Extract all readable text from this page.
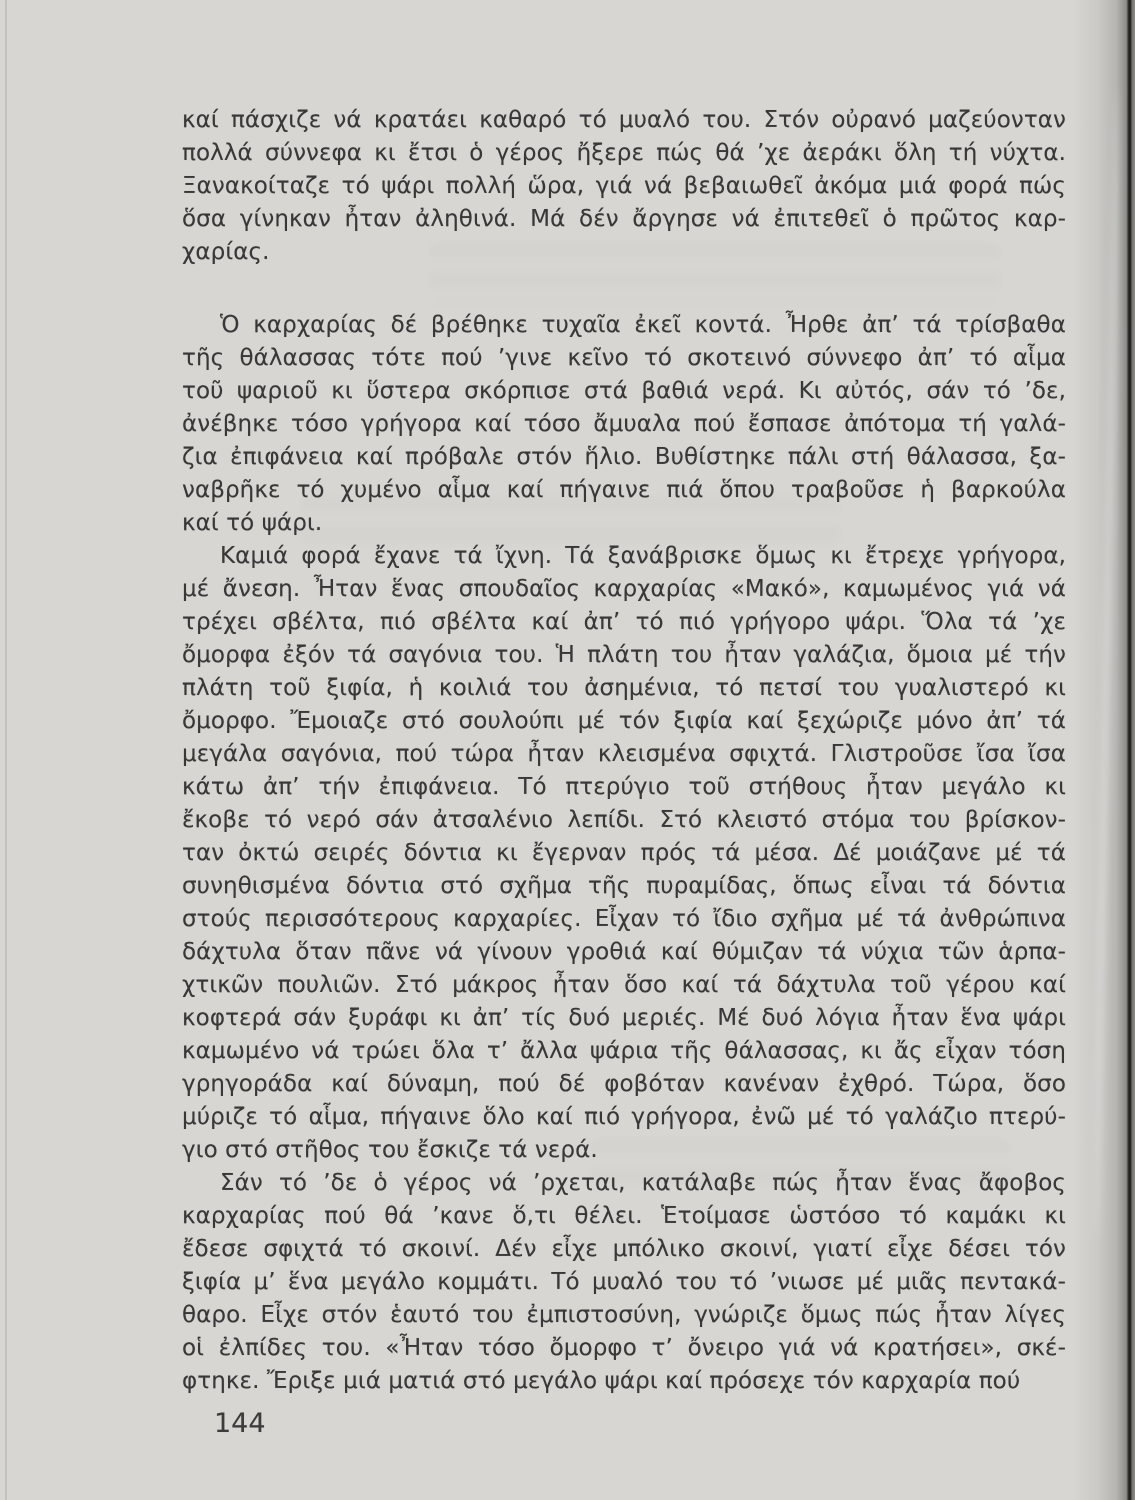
καί πάσχιζε νά κρατάει καθαρό τό μυαλό του. Στόν οὐρανό μαζεύονταν
πολλά σύννεφα κι ἔτσι ὁ γέρος ἤξερε πώς θά ’χε ἀεράκι ὅλη τή νύχτα.
Ξανακοίταζε τό ψάρι πολλή ὥρα, γιά νά βεβαιωθεῖ ἀκόμα μιά φορά πώς
ὅσα γίνηκαν ἦταν ἀληθινά. Μά δέν ἄργησε νά ἐπιτεθεῖ ὁ πρῶτος καρ-
χαρίας.

Ὁ καρχαρίας δέ βρέθηκε τυχαῖα ἐκεῖ κοντά. Ἦρθε ἀπ’ τά τρίσβαθα
τῆς θάλασσας τότε πού ’γινε κεῖνο τό σκοτεινό σύννεφο ἀπ’ τό αἷμα
τοῦ ψαριοῦ κι ὕστερα σκόρπισε στά βαθιά νερά. Κι αὐτός, σάν τό ’δε,
ἀνέβηκε τόσο γρήγορα καί τόσο ἄμυαλα πού ἔσπασε ἀπότομα τή γαλά-
ζια ἐπιφάνεια καί πρόβαλε στόν ἥλιο. Βυθίστηκε πάλι στή θάλασσα, ξα-
ναβρῆκε τό χυμένο αἷμα καί πήγαινε πιά ὅπου τραβοῦσε ἡ βαρκούλα
καί τό ψάρι.

Καμιά φορά ἔχανε τά ἴχνη. Τά ξανάβρισκε ὅμως κι ἔτρεχε γρήγορα,
μέ ἄνεση. Ἦταν ἕνας σπουδαῖος καρχαρίας «Μακό», καμωμένος γιά νά
τρέχει σβέλτα, πιό σβέλτα καί ἀπ’ τό πιό γρήγορο ψάρι. Ὅλα τά ’χε
ὄμορφα ἐξόν τά σαγόνια του. Ἡ πλάτη του ἦταν γαλάζια, ὅμοια μέ τήν
πλάτη τοῦ ξιφία, ἡ κοιλιά του ἀσημένια, τό πετσί του γυαλιστερό κι
ὄμορφο. Ἔμοιαζε στό σουλούπι μέ τόν ξιφία καί ξεχώριζε μόνο ἀπ’ τά
μεγάλα σαγόνια, πού τώρα ἦταν κλεισμένα σφιχτά. Γλιστροῦσε ἴσα ἴσα
κάτω ἀπ’ τήν ἐπιφάνεια. Τό πτερύγιο τοῦ στήθους ἦταν μεγάλο κι
ἔκοβε τό νερό σάν ἀτσαλένιο λεπίδι. Στό κλειστό στόμα του βρίσκον-
ταν ὀκτώ σειρές δόντια κι ἔγερναν πρός τά μέσα. Δέ μοιάζανε μέ τά
συνηθισμένα δόντια στό σχῆμα τῆς πυραμίδας, ὅπως εἶναι τά δόντια
στούς περισσότερους καρχαρίες. Εἶχαν τό ἴδιο σχῆμα μέ τά ἀνθρώπινα
δάχτυλα ὅταν πᾶνε νά γίνουν γροθιά καί θύμιζαν τά νύχια τῶν ἁρπα-
χτικῶν πουλιῶν. Στό μάκρος ἦταν ὅσο καί τά δάχτυλα τοῦ γέρου καί
κοφτερά σάν ξυράφι κι ἀπ’ τίς δυό μεριές. Μέ δυό λόγια ἦταν ἕνα ψάρι
καμωμένο νά τρώει ὅλα τ’ ἄλλα ψάρια τῆς θάλασσας, κι ἄς εἶχαν τόση
γρηγοράδα καί δύναμη, πού δέ φοβόταν κανέναν ἐχθρό. Τώρα, ὅσο
μύριζε τό αἷμα, πήγαινε ὅλο καί πιό γρήγορα, ἐνῶ μέ τό γαλάζιο πτερύ-
γιο στό στῆθος του ἔσκιζε τά νερά.

Σάν τό ’δε ὁ γέρος νά ’ρχεται, κατάλαβε πώς ἦταν ἕνας ἄφοβος
καρχαρίας πού θά ’κανε ὅ,τι θέλει. Ἑτοίμασε ὡστόσο τό καμάκι κι
ἔδεσε σφιχτά τό σκοινί. Δέν εἶχε μπόλικο σκοινί, γιατί εἶχε δέσει τόν
ξιφία μ’ ἕνα μεγάλο κομμάτι. Τό μυαλό του τό ’νιωσε μέ μιᾶς πεντακά-
θαρο. Εἶχε στόν ἑαυτό του ἐμπιστοσύνη, γνώριζε ὅμως πώς ἦταν λίγες
οἱ ἐλπίδες του. «Ἦταν τόσο ὄμορφο τ’ ὄνειρο γιά νά κρατήσει», σκέ-
φτηκε. Ἔριξε μιά ματιά στό μεγάλο ψάρι καί πρόσεχε τόν καρχαρία πού

144
